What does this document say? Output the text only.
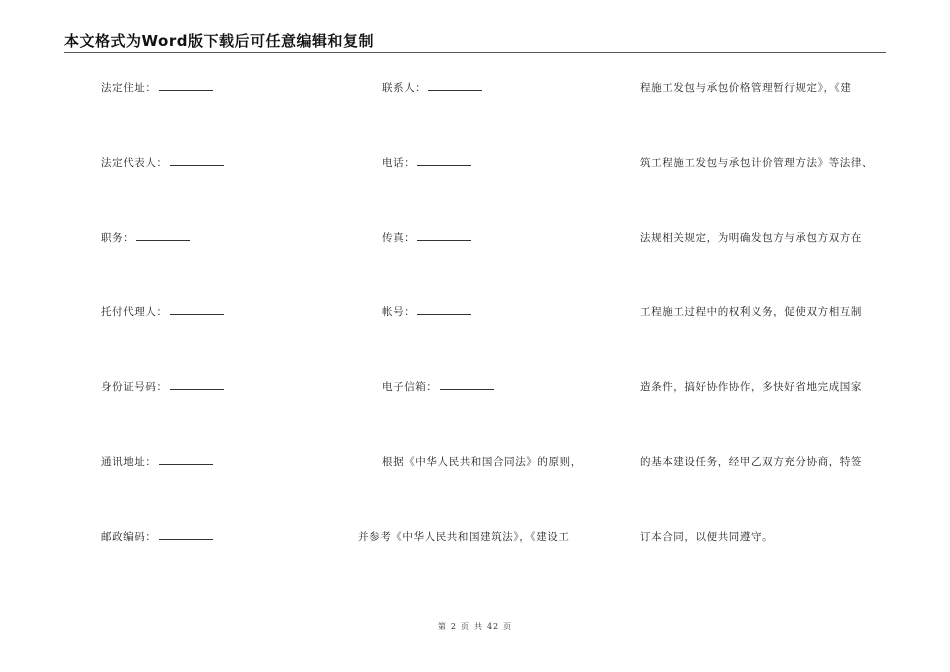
本文格式为Word版下载后可任意编辑和复制
法定住址：
法定代表人：
职务：
托付代理人：
身份证号码：
通讯地址：
邮政编码：
联系人：
电话：
传真：
帐号：
电子信箱：
根据《中华人民共和国合同法》的原则，
并参考《中华人民共和国建筑法》，《建设工
程施工发包与承包价格管理暂行规定》，《建
筑工程施工发包与承包计价管理方法》等法律、
法规相关规定，为明确发包方与承包方双方在
工程施工过程中的权利义务，促使双方相互制
造条件，搞好协作协作，多快好省地完成国家
的基本建设任务，经甲乙双方充分协商，特签
订本合同，以便共同遵守。
第 2 页 共 42 页
